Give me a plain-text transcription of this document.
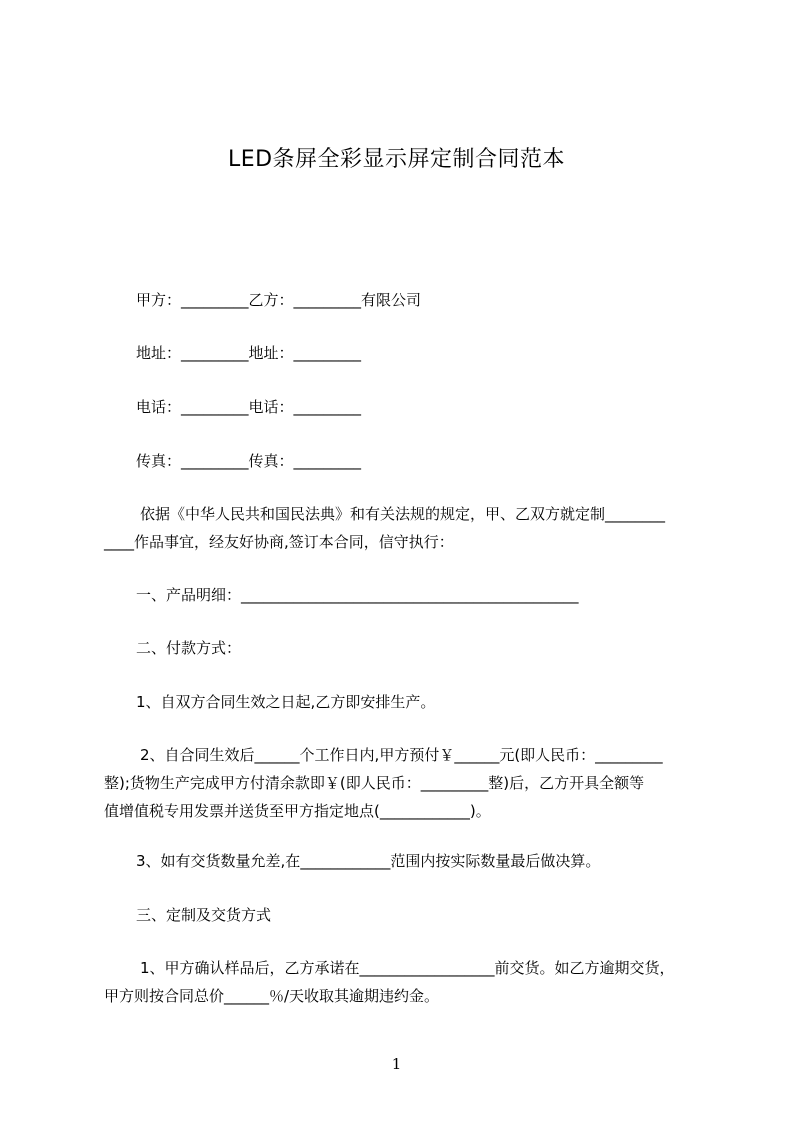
LED条屏全彩显示屏定制合同范本
甲方：_________乙方：_________有限公司
地址：_________地址：_________
电话：_________电话：_________
传真：_________传真：_________
依据《中华人民共和国民法典》和有关法规的规定，甲、乙双方就定制________
____作品事宜，经友好协商,签订本合同，信守执行：
一、产品明细：_____________________________________________
二、付款方式：
1、自双方合同生效之日起,乙方即安排生产。
2、自合同生效后______个工作日内,甲方预付￥______元(即人民币：_________
整);货物生产完成甲方付清余款即￥(即人民币：_________整)后，乙方开具全额等
值增值税专用发票并送货至甲方指定地点(____________)。
3、如有交货数量允差,在____________范围内按实际数量最后做决算。
三、定制及交货方式
1、甲方确认样品后，乙方承诺在__________________前交货。如乙方逾期交货，
甲方则按合同总价______％/天收取其逾期违约金。
1
